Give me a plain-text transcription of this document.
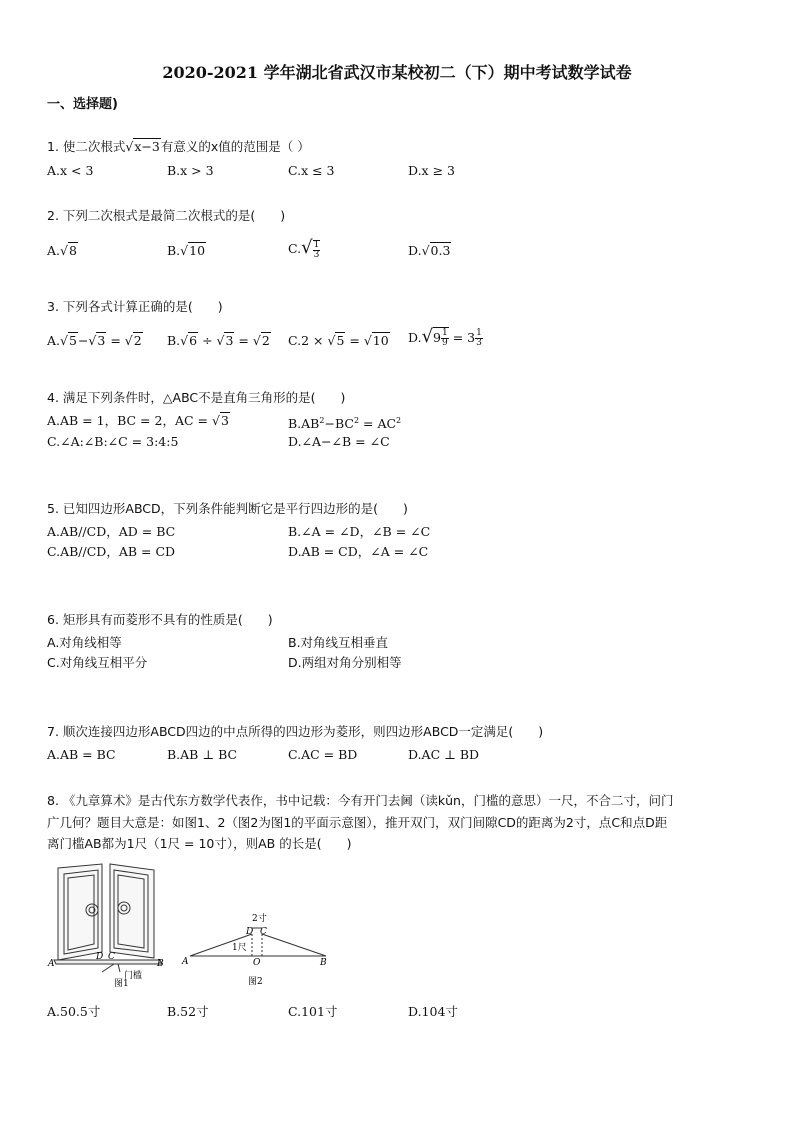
2020-2021 学年湖北省武汉市某校初二（下）期中考试数学试卷
一、选择题)
1. 使二次根式√x−3有意义的x值的范围是（ ）
A.x < 3	B.x > 3	C.x ≤ 3	D.x ≥ 3
2. 下列二次根式是最简二次根式的是(　　)
A.√8	B.√10	$C.√ \frac{1}{3}$	D.√0.3
3. 下列各式计算正确的是(　　)
A.√5−√3 = √2 B.√6 ÷ √3 = √2 C.2 × √5 = √10 $D.√9 \frac{1}{9} = 3 \frac{1}{3}$
4. 满足下列条件时，△ABC不是直角三角形的是(　　)
A.AB = 1，BC = 2，AC = √3	$B.AB^2-BC^2 = AC^2$
C.∠A:∠B:∠C = 3:4:5	D.∠A−∠B = ∠C
5. 已知四边形ABCD，下列条件能判断它是平行四边形的是(　　)
A.AB//CD，AD = BC	B.∠A = ∠D，∠B = ∠C
C.AB//CD，AB = CD	D.AB = CD，∠A = ∠C
6. 矩形具有而菱形不具有的性质是(　　)
A.对角线相等	B.对角线互相垂直
C.对角线互相平分	D.两组对角分别相等
7. 顺次连接四边形ABCD四边的中点所得的四边形为菱形，则四边形ABCD一定满足(　　)
A.AB = BC	B.AB ⊥ BC	C.AC = BD	D.AC ⊥ BD
8. 《九章算术》是古代东方数学代表作，书中记载：今有开门去阃（读kǔn，门槛的意思）一尺，不合二寸，问门
广几何？题目大意是：如图1、2（图2为图1的平面示意图），推开双门，双门间隙CD的距离为2寸，点C和点D距
离门槛AB都为1尺（1尺 = 10寸），则AB 的长是(　　)
A
D C
B
门槛
图1
2寸
D C
1尺
A	O	B
图2
A.50.5寸	B.52寸	C.101寸	D.104寸
